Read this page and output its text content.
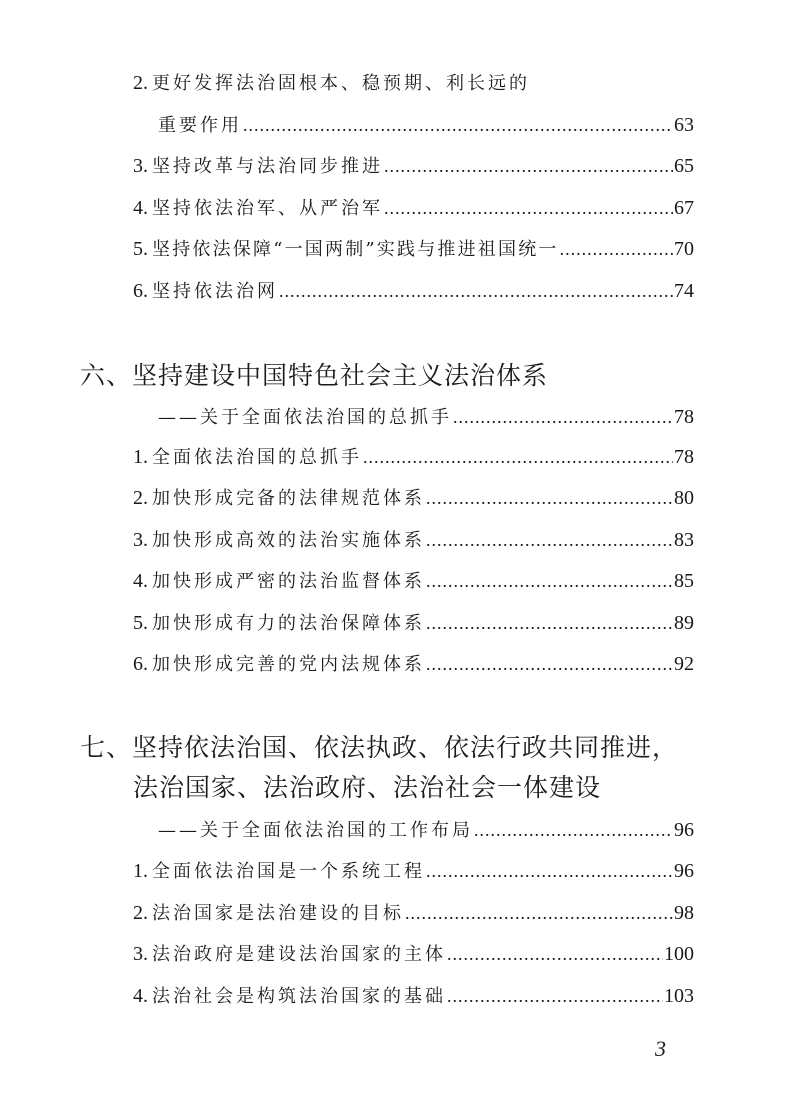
2. 更好发挥法治固根本、稳预期、利长远的
重要作用 .....	63
3. 坚持改革与法治同步推进 .....	65
4. 坚持依法治军、从严治军 .....	67
5. 坚持依法保障“一国两制”实践与推进祖国统一 .....	70
6. 坚持依法治网 .....	74
六、坚持建设中国特色社会主义法治体系
——关于全面依法治国的总抓手 .....	78
1. 全面依法治国的总抓手 .....	78
2. 加快形成完备的法律规范体系 .....	80
3. 加快形成高效的法治实施体系 .....	83
4. 加快形成严密的法治监督体系 .....	85
5. 加快形成有力的法治保障体系 .....	89
6. 加快形成完善的党内法规体系 .....	92
七、坚持依法治国、依法执政、依法行政共同推进，
法治国家、法治政府、法治社会一体建设
——关于全面依法治国的工作布局 .....	96
1. 全面依法治国是一个系统工程 .....	96
2. 法治国家是法治建设的目标 .....	98
3. 法治政府是建设法治国家的主体 .....	100
4. 法治社会是构筑法治国家的基础 .....	103
3
